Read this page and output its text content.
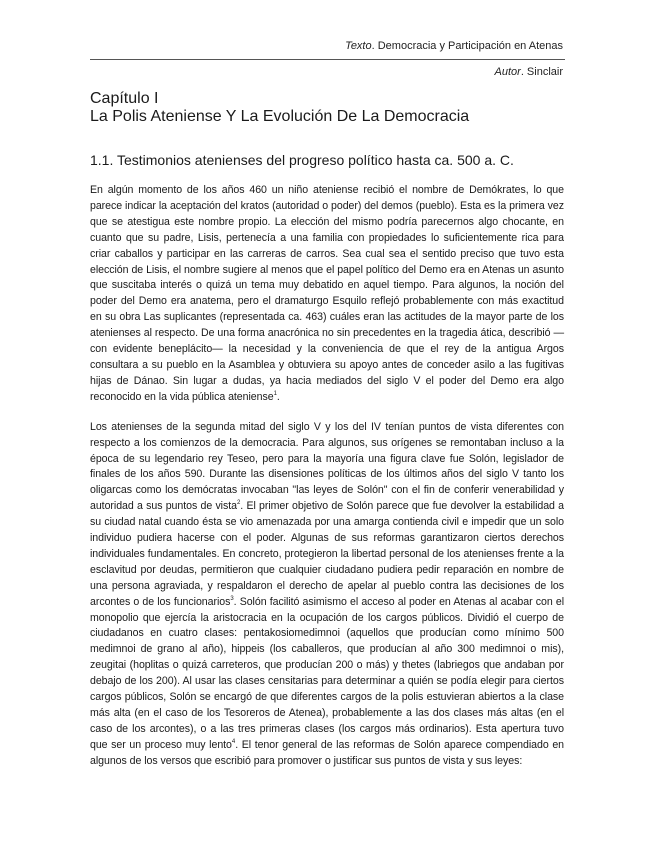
Texto. Democracia y Participación en Atenas
Autor. Sinclair
Capítulo I
La Polis Ateniense Y La Evolución De La Democracia
1.1. Testimonios atenienses del progreso político hasta ca. 500 a. C.

En algún momento de los años 460 un niño ateniense recibió el nombre de Demókrates, lo que parece indicar la aceptación del kratos (autoridad o poder) del demos (pueblo). Esta es la primera vez que se atestigua este nombre propio. La elección del mismo podría parecernos algo chocante, en cuanto que su padre, Lisis, pertenecía a una familia con propiedades lo suficientemente rica para criar caballos y participar en las carreras de carros. Sea cual sea el sentido preciso que tuvo esta elección de Lisis, el nombre sugiere al menos que el papel político del Demo era en Atenas un asunto que suscitaba interés o quizá un tema muy debatido en aquel tiempo. Para algunos, la noción del poder del Demo era anatema, pero el dramaturgo Esquilo reflejó probablemente con más exactitud en su obra Las suplicantes (representada ca. 463) cuáles eran las actitudes de la mayor parte de los atenienses al respecto. De una forma anacrónica no sin precedentes en la tragedia ática, describió —con evidente beneplácito— la necesidad y la conveniencia de que el rey de la antigua Argos consultara a su pueblo en la Asamblea y obtuviera su apoyo antes de conceder asilo a las fugitivas hijas de Dánao. Sin lugar a dudas, ya hacia mediados del siglo V el poder del Demo era algo reconocido en la vida pública ateniense$^1$.

Los atenienses de la segunda mitad del siglo V y los del IV tenían puntos de vista diferentes con respecto a los comienzos de la democracia. Para algunos, sus orígenes se remontaban incluso a la época de su legendario rey Teseo, pero para la mayoría una figura clave fue Solón, legislador de finales de los años 590. Durante las disensiones políticas de los últimos años del siglo V tanto los oligarcas como los demócratas invocaban "las leyes de Solón" con el fin de conferir venerabilidad y autoridad a sus puntos de vista$^2$. El primer objetivo de Solón parece que fue devolver la estabilidad a su ciudad natal cuando ésta se vio amenazada por una amarga contienda civil e impedir que un solo individuo pudiera hacerse con el poder. Algunas de sus reformas garantizaron ciertos derechos individuales fundamentales. En concreto, protegieron la libertad personal de los atenienses frente a la esclavitud por deudas, permitieron que cualquier ciudadano pudiera pedir reparación en nombre de una persona agraviada, y respaldaron el derecho de apelar al pueblo contra las decisiones de los arcontes o de los funcionarios$^3$. Solón facilitó asimismo el acceso al poder en Atenas al acabar con el monopolio que ejercía la aristocracia en la ocupación de los cargos públicos. Dividió el cuerpo de ciudadanos en cuatro clases: pentakosiomedimnoi (aquellos que producían como mínimo 500 medimnoi de grano al año), hippeis (los caballeros, que producían al año 300 medimnoi o mis), zeugitai (hoplitas o quizá carreteros, que producían 200 o más) y thetes (labriegos que andaban por debajo de los 200). Al usar las clases censitarias para determinar a quién se podía elegir para ciertos cargos públicos, Solón se encargó de que diferentes cargos de la polis estuvieran abiertos a la clase más alta (en el caso de los Tesoreros de Atenea), probablemente a las dos clases más altas (en el caso de los arcontes), o a las tres primeras clases (los cargos más ordinarios). Esta apertura tuvo que ser un proceso muy lento$^4$. El tenor general de las reformas de Solón aparece compendiado en algunos de los versos que escribió para promover o justificar sus puntos de vista y sus leyes:
